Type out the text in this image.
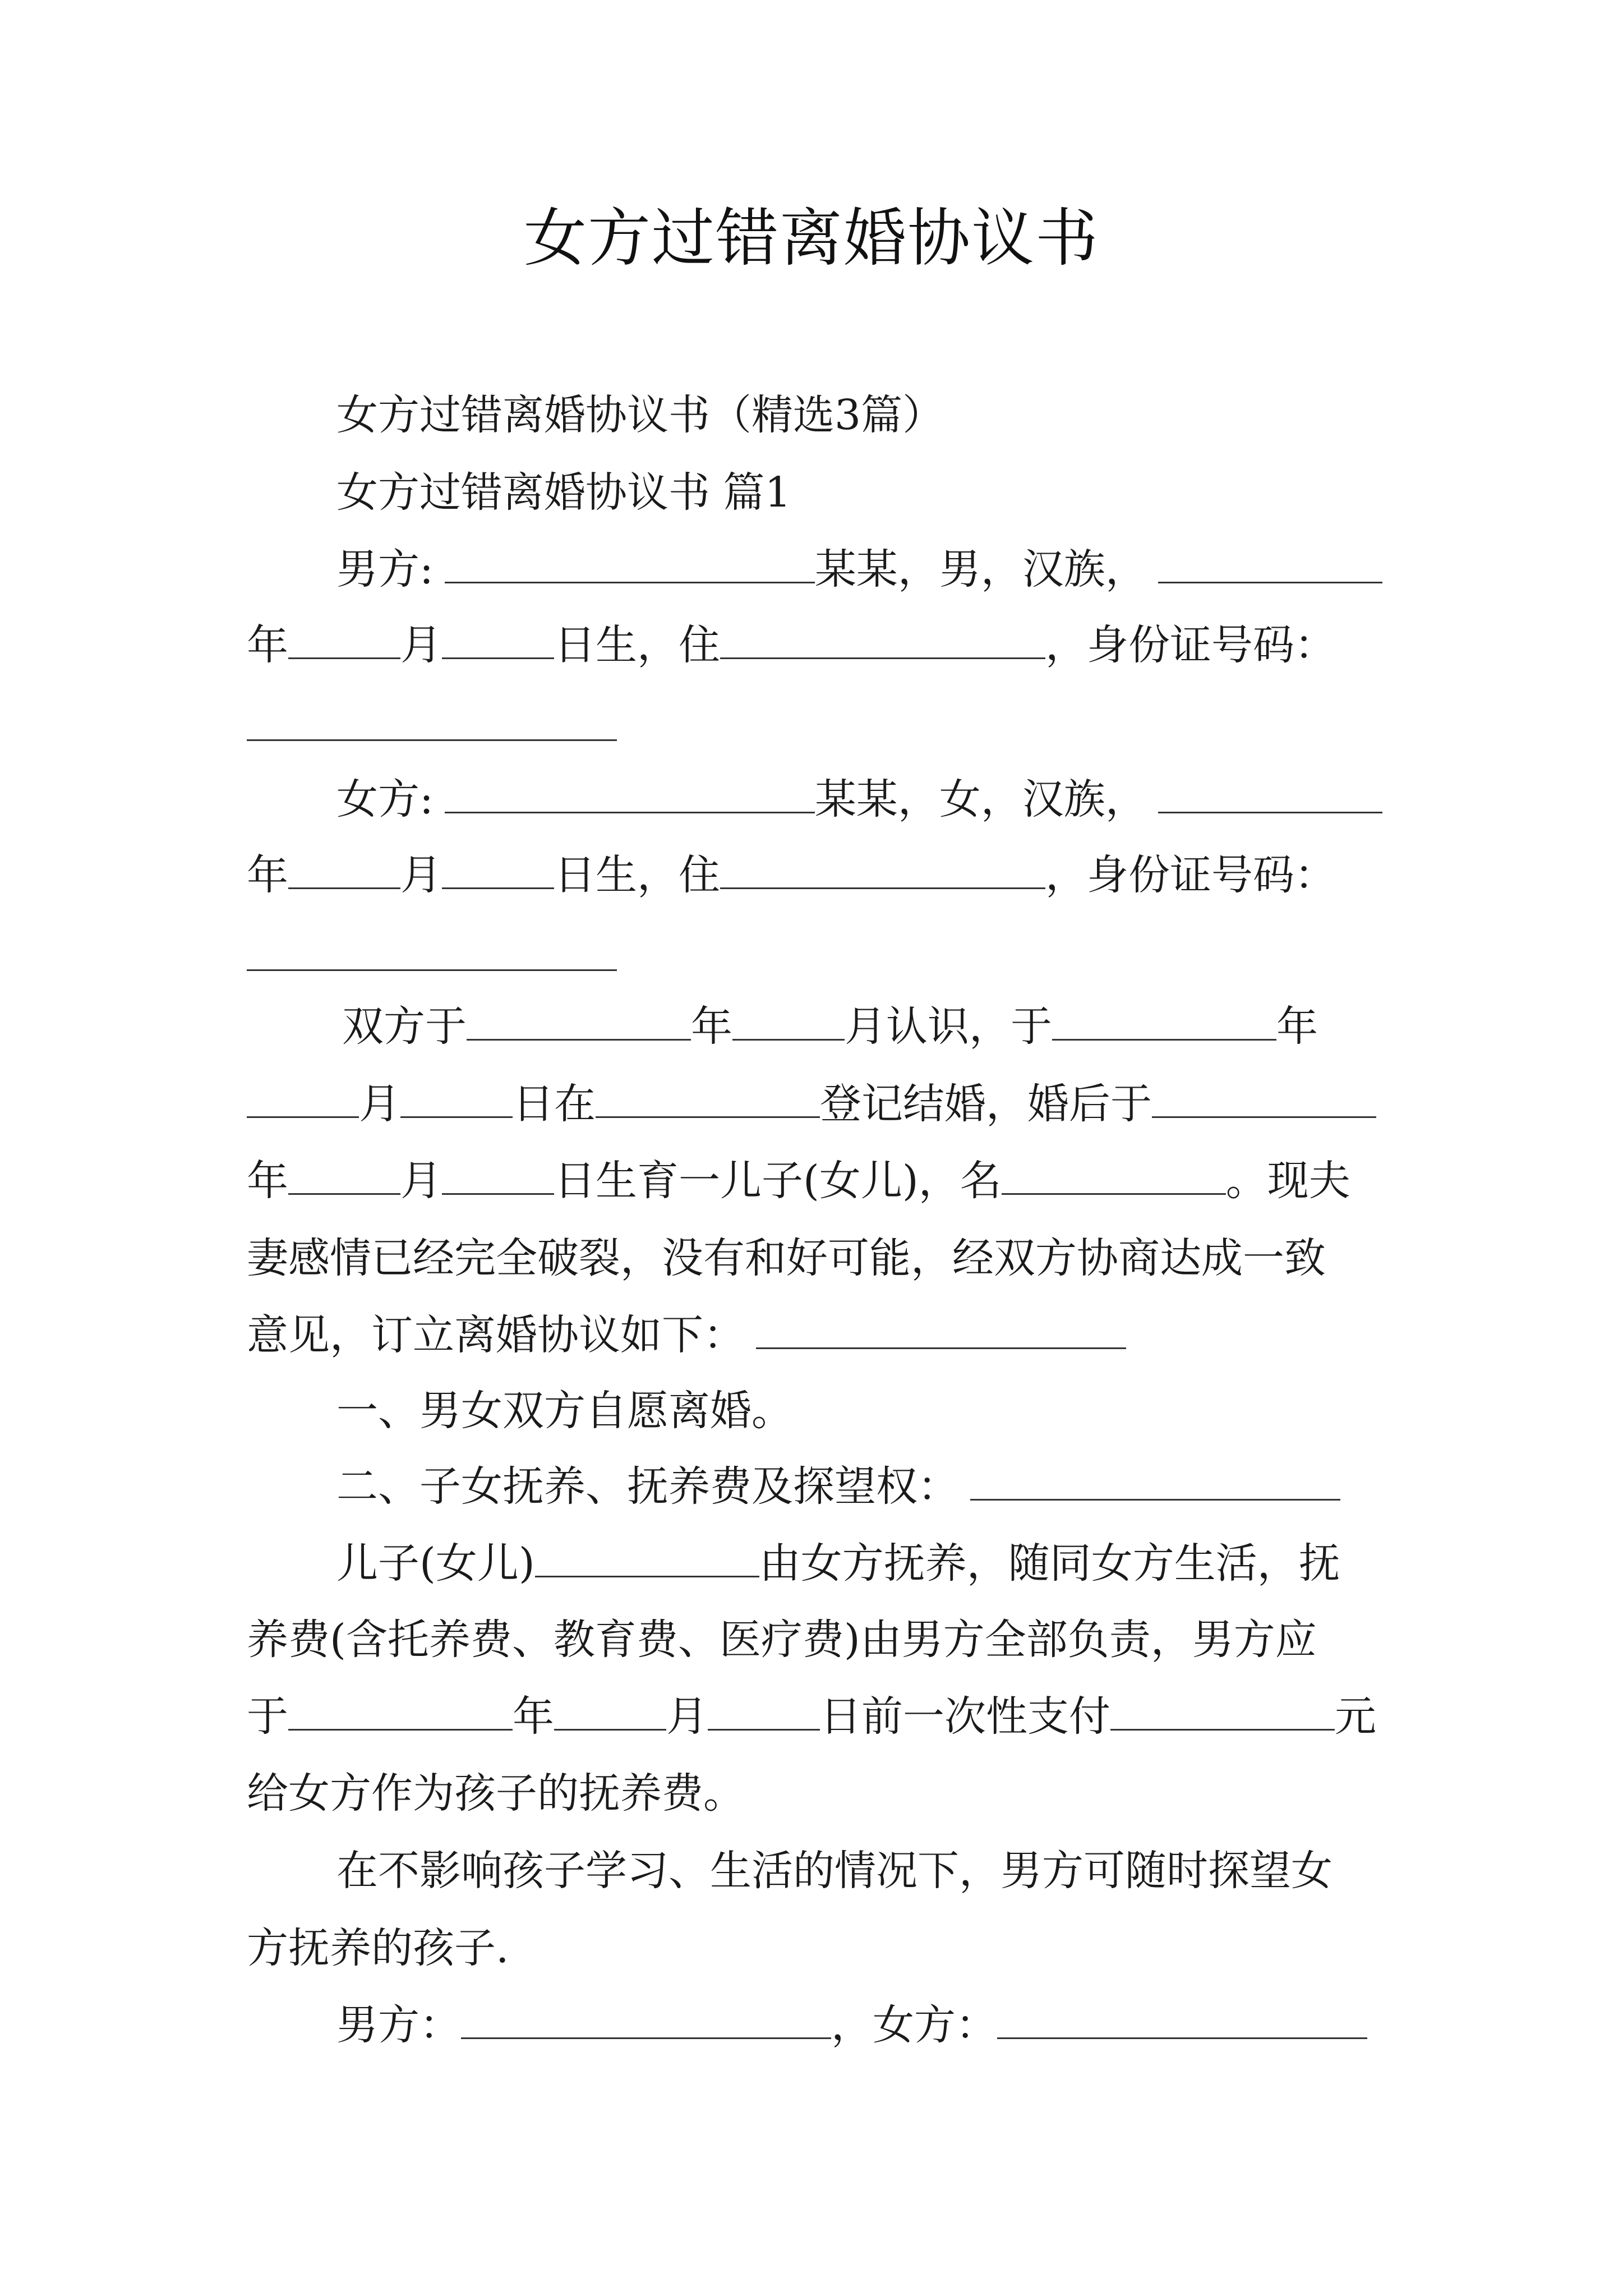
女方过错离婚协议书
女方过错离婚协议书（精选3篇）
女方过错离婚协议书 篇1
男方:	某某，男，汉族，
年	月	日生，住	，身份证号码：
女方:	某某，女，汉族，
年	月	日生，住	，身份证号码：
双方于	年	月认识，于	年
月	日在	登记结婚，婚后于
年	月	日生育一儿子(女儿)，名	。现夫
妻感情已经完全破裂，没有和好可能，经双方协商达成一致
意见，订立离婚协议如下：
一、男女双方自愿离婚。
二、子女抚养、抚养费及探望权：
儿子(女儿)	由女方抚养，随同女方生活，抚
养费(含托养费、教育费、医疗费)由男方全部负责，男方应
于	年	月	日前一次性支付	元
给女方作为孩子的抚养费。
在不影响孩子学习、生活的情况下，男方可随时探望女
方抚养的孩子.
男方：	，女方：
